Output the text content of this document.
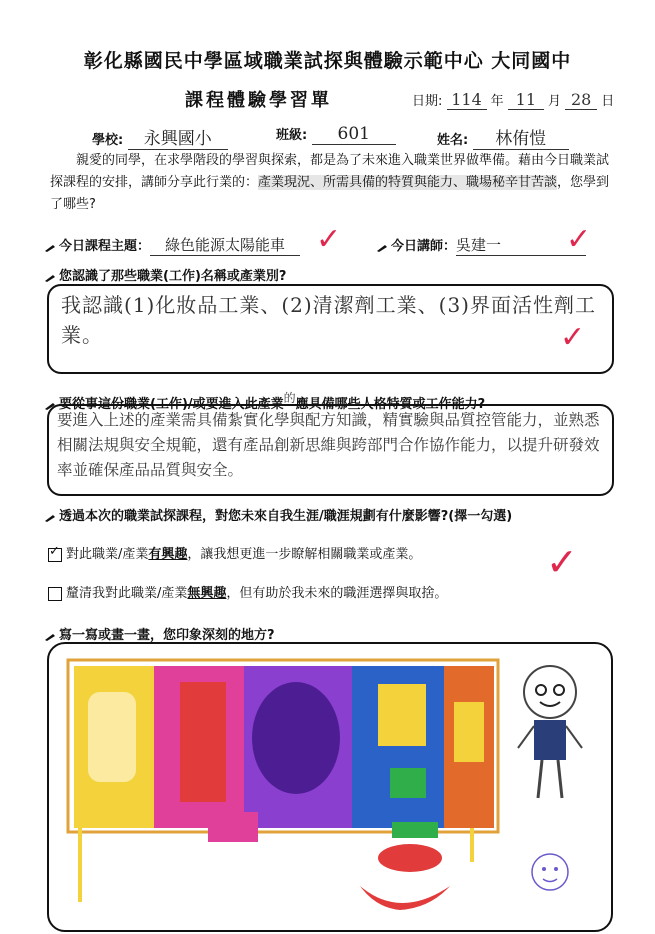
彰化縣國民中學區域職業試探與體驗示範中心 大同國中
課程體驗學習單	日期: 114 年 11 月 28 日
學校: 永興國小	班級: 601	姓名: 林侑愷
親愛的同學，在求學階段的學習與探索，都是為了未來進入職業世界做準備。藉由今日職業試探課程的安排，講師分享此行業的：產業現況、所需具備的特質與能力、職場秘辛甘苦談，您學到了哪些?
今日課程主題： 綠色能源太陽能車	✓	今日講師：吳建一	✓
您認識了那些職業(工作)名稱或產業別?
我認識(1)化妝品工業、(2)清潔劑工業、(3)界面活性劑工業。	✓
要從事這份職業(工作)/或要進入此產業的應具備哪些人格特質或工作能力?
要進入上述的產業需具備紮實化學與配方知識，精實驗與品質控管能力，並熟悉相關法規與安全規範，還有產品創新思維與跨部門合作協作能力，以提升研發效率並確保產品品質與安全。
透過本次的職業試探課程，對您未來自我生涯/職涯規劃有什麼影響?(擇一勾選)
✓ 對此職業/產業有興趣，讓我想更進一步瞭解相關職業或產業。
釐清我對此職業/產業無興趣，但有助於我未來的職涯選擇與取捨。
✓
寫一寫或畫一畫，您印象深刻的地方?
